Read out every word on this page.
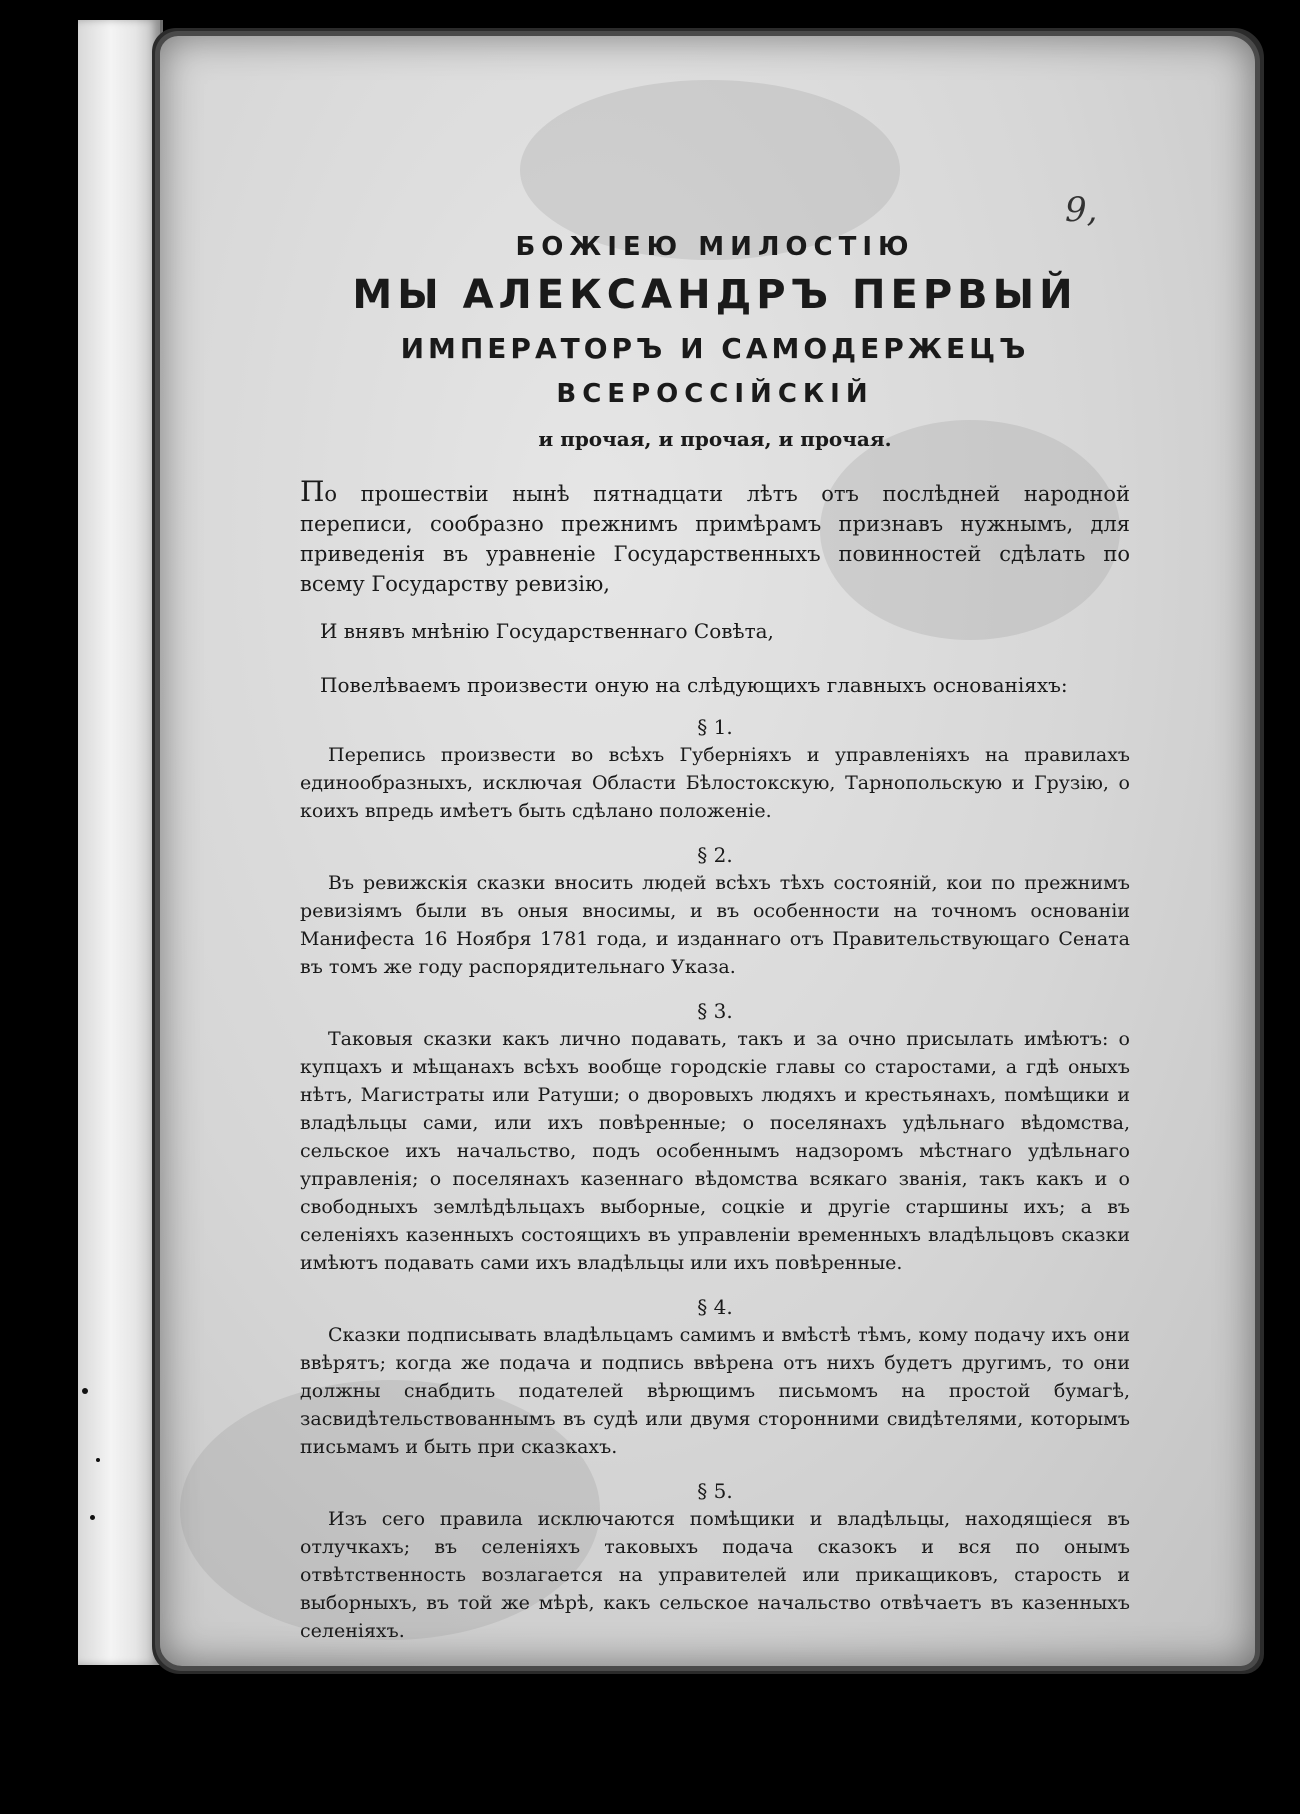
9,
БОЖІЕЮ МИЛОСТІЮ
МЫ АЛЕКСАНДРЪ ПЕРВЫЙ
ИМПЕРАТОРЪ И САМОДЕРЖЕЦЪ
ВСЕРОССІЙСКІЙ
и прочая, и прочая, и прочая.

По прошествіи нынѣ пятнадцати лѣтъ отъ послѣдней народной переписи, сообразно прежнимъ примѣрамъ признавъ нужнымъ, для приведенія въ уравненіе Государственныхъ повинностей сдѣлать по всему Государству ревизію,

И внявъ мнѣнію Государственнаго Совѣта,

Повелѣваемъ произвести оную на слѣдующихъ главныхъ основаніяхъ:

§ 1.

Перепись произвести во всѣхъ Губерніяхъ и управленіяхъ на правилахъ единообразныхъ, исключая Области Бѣлостокскую, Тарнопольскую и Грузію, о коихъ впредь имѣетъ быть сдѣлано положеніе.

§ 2.

Въ ревижскія сказки вносить людей всѣхъ тѣхъ состояній, кои по прежнимъ ревизіямъ были въ оныя вносимы, и въ особенности на точномъ основаніи Манифеста 16 Ноября 1781 года, и изданнаго отъ Правительствующаго Сената въ томъ же году распорядительнаго Указа.

§ 3.

Таковыя сказки какъ лично подавать, такъ и за очно присылать имѣютъ: о купцахъ и мѣщанахъ всѣхъ вообще городскіе главы со старостами, а гдѣ оныхъ нѣтъ, Магистраты или Ратуши; о дворовыхъ людяхъ и крестьянахъ, помѣщики и владѣльцы сами, или ихъ повѣренные; о поселянахъ удѣльнаго вѣдомства, сельское ихъ начальство, подъ особеннымъ надзоромъ мѣстнаго удѣльнаго управленія; о поселянахъ казеннаго вѣдомства всякаго званія, такъ какъ и о свободныхъ землѣдѣльцахъ выборные, соцкіе и другіе старшины ихъ; а въ селеніяхъ казенныхъ состоящихъ въ управленіи временныхъ владѣльцовъ сказки имѣютъ подавать сами ихъ владѣльцы или ихъ повѣренные.

§ 4.

Сказки подписывать владѣльцамъ самимъ и вмѣстѣ тѣмъ, кому подачу ихъ они ввѣрятъ; когда же подача и подпись ввѣрена отъ нихъ будетъ другимъ, то они должны снабдить подателей вѣрющимъ письмомъ на простой бумагѣ, засвидѣтельствованнымъ въ судѣ или двумя сторонними свидѣтелями, которымъ письмамъ и быть при сказкахъ.

§ 5.

Изъ сего правила исключаются помѣщики и владѣльцы, находящіеся въ отлучкахъ; въ селеніяхъ таковыхъ подача сказокъ и вся по онымъ отвѣтственность возлагается на управителей или прикащиковъ, старость и выборныхъ, въ той же мѣрѣ, какъ сельское начальство отвѣчаетъ въ казенныхъ селеніяхъ.
